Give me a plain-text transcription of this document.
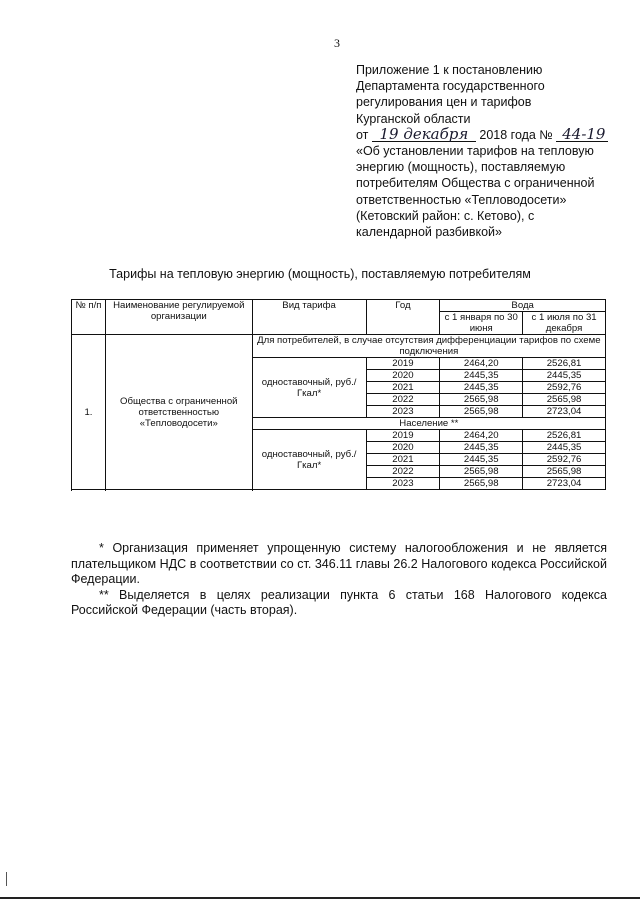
3
Приложение 1 к постановлению
Департамента государственного
регулирования цен и тарифов
Курганской области
от 19 декабря 2018 года № 44-19
«Об установлении тарифов на тепловую
энергию (мощность), поставляемую
потребителям Общества с ограниченной
ответственностью «Тепловодосети»
(Кетовский район: с. Кетово), с
календарной разбивкой»
Тарифы на тепловую энергию (мощность), поставляемую потребителям
№ п/п	Наименование регулируемой организации	Вид тарифа	Год	Вода	
				с 1 января по 30 июня	с 1 июля по 31 декабря
1.	Общества с ограниченной ответственностью «Тепловодосети»	Для потребителей, в случае отсутствия дифференциации тарифов по схеме подключения			
		одноставочный, руб./Гкал*	2019	2464,20	2526,81
			2020	2445,35	2445,35
			2021	2445,35	2592,76
			2022	2565,98	2565,98
			2023	2565,98	2723,04

		Население **			
		одноставочный, руб./Гкал*	2019	2464,20	2526,81
			2020	2445,35	2445,35
			2021	2445,35	2592,76
			2022	2565,98	2565,98
			2023	2565,98	2723,04

* Организация применяет упрощенную систему налогообложения и не является плательщиком НДС в соответствии со ст. 346.11 главы 26.2 Налогового кодекса Российской Федерации.

** Выделяется в целях реализации пункта 6 статьи 168 Налогового кодекса Российской Федерации (часть вторая).
